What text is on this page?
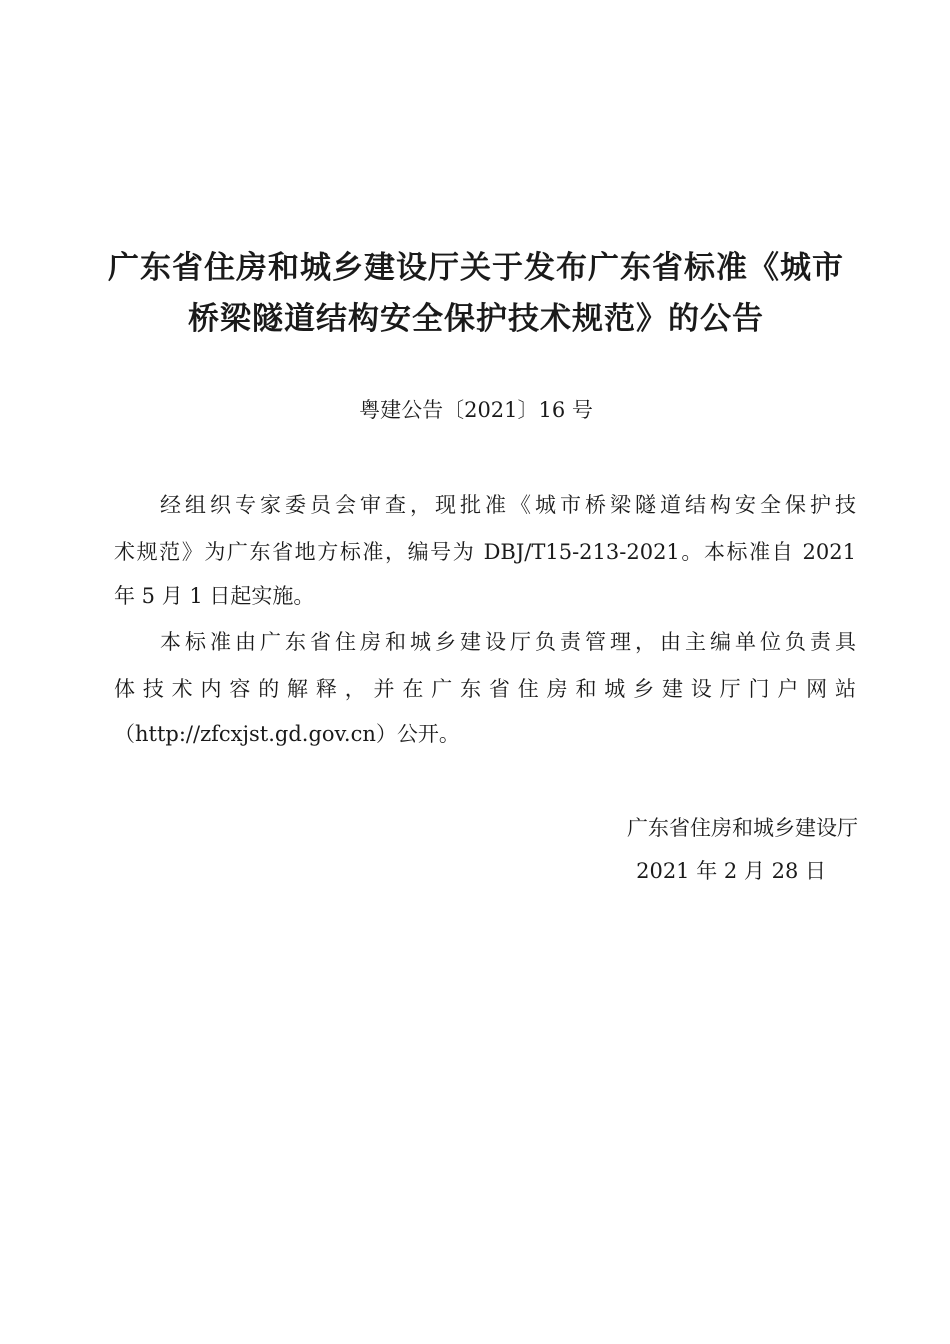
广东省住房和城乡建设厅关于发布广东省标准《城市
桥梁隧道结构安全保护技术规范》的公告
粤建公告〔2021〕16 号
经组织专家委员会审查，现批准《城市桥梁隧道结构安全保护技
术规范》为广东省地方标准，编号为 DBJ/T15-213-2021。本标准自 2021
年 5 月 1 日起实施。
本标准由广东省住房和城乡建设厅负责管理，由主编单位负责具
体技术内容的解释，并在广东省住房和城乡建设厅门户网站
（http://zfcxjst.gd.gov.cn）公开。
广东省住房和城乡建设厅
2021 年 2 月 28 日
